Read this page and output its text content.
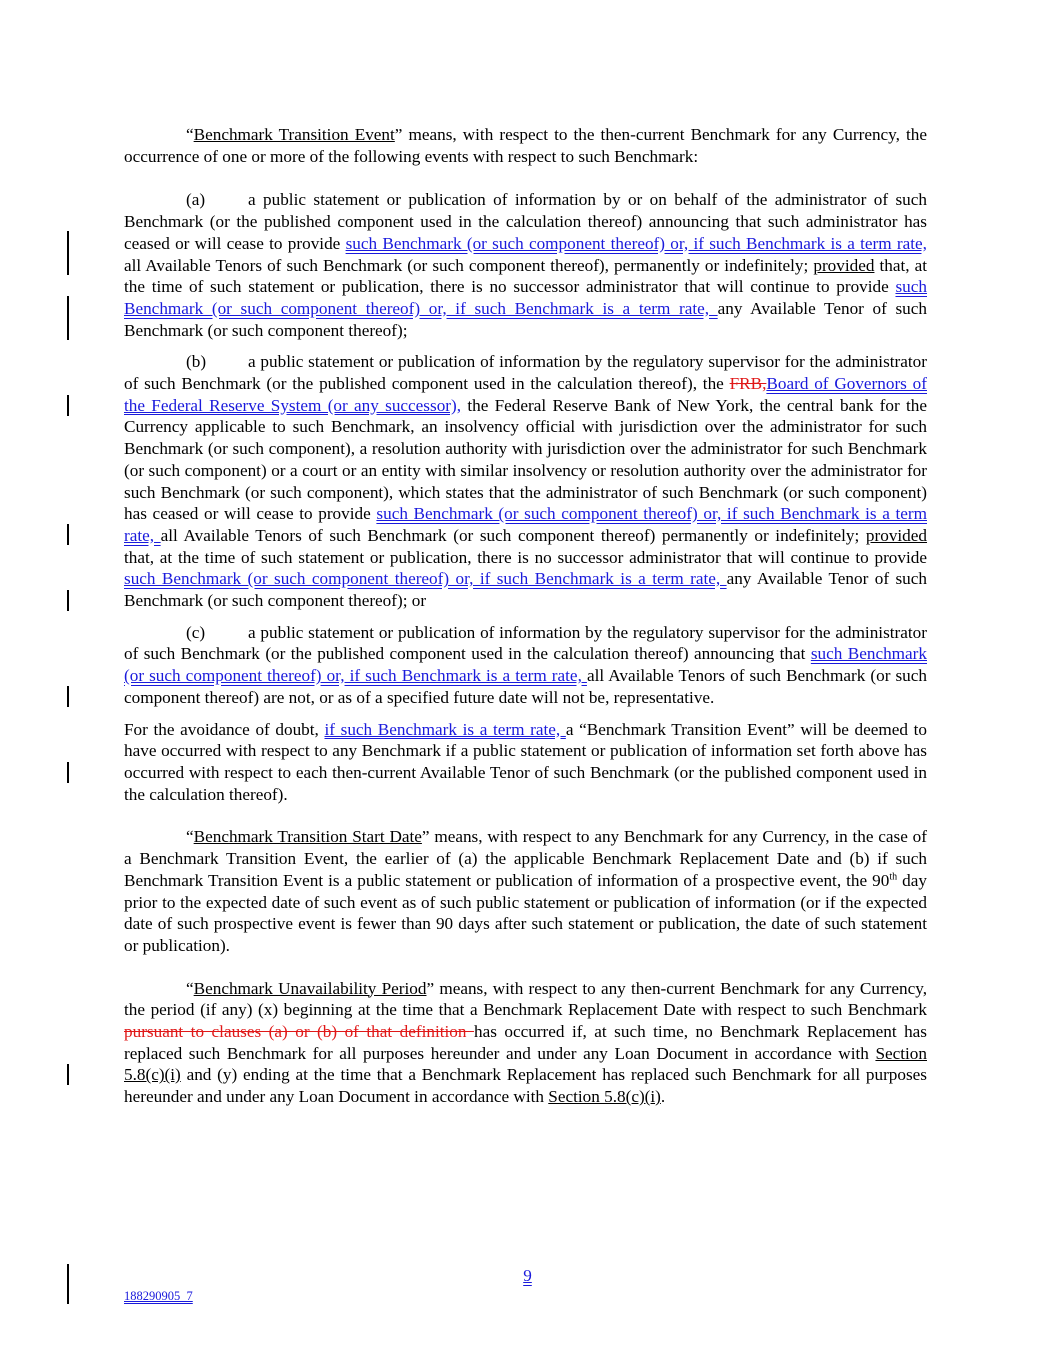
“Benchmark Transition Event” means, with respect to the then-current Benchmark for any Currency, the occurrence of one or more of the following events with respect to such Benchmark:

(a) a public statement or publication of information by or on behalf of the administrator of such Benchmark (or the published component used in the calculation thereof) announcing that such administrator has ceased or will cease to provide such Benchmark (or such component thereof) or, if such Benchmark is a term rate, all Available Tenors of such Benchmark (or such component thereof), permanently or indefinitely; provided that, at the time of such statement or publication, there is no successor administrator that will continue to provide such Benchmark (or such component thereof) or, if such Benchmark is a term rate, any Available Tenor of such Benchmark (or such component thereof);

(b) a public statement or publication of information by the regulatory supervisor for the administrator of such Benchmark (or the published component used in the calculation thereof), the FRB,Board of Governors of the Federal Reserve System (or any successor), the Federal Reserve Bank of New York, the central bank for the Currency applicable to such Benchmark, an insolvency official with jurisdiction over the administrator for such Benchmark (or such component), a resolution authority with jurisdiction over the administrator for such Benchmark (or such component) or a court or an entity with similar insolvency or resolution authority over the administrator for such Benchmark (or such component), which states that the administrator of such Benchmark (or such component) has ceased or will cease to provide such Benchmark (or such component thereof) or, if such Benchmark is a term rate, all Available Tenors of such Benchmark (or such component thereof) permanently or indefinitely; provided that, at the time of such statement or publication, there is no successor administrator that will continue to provide such Benchmark (or such component thereof) or, if such Benchmark is a term rate, any Available Tenor of such Benchmark (or such component thereof); or

(c) a public statement or publication of information by the regulatory supervisor for the administrator of such Benchmark (or the published component used in the calculation thereof) announcing that such Benchmark (or such component thereof) or, if such Benchmark is a term rate, all Available Tenors of such Benchmark (or such component thereof) are not, or as of a specified future date will not be, representative.

For the avoidance of doubt, if such Benchmark is a term rate, a “Benchmark Transition Event” will be deemed to have occurred with respect to any Benchmark if a public statement or publication of information set forth above has occurred with respect to each then-current Available Tenor of such Benchmark (or the published component used in the calculation thereof).

“Benchmark Transition Start Date” means, with respect to any Benchmark for any Currency, in the case of a Benchmark Transition Event, the earlier of (a) the applicable Benchmark Replacement Date and (b) if such Benchmark Transition Event is a public statement or publication of information of a prospective event, the 90th day prior to the expected date of such event as of such public statement or publication of information (or if the expected date of such prospective event is fewer than 90 days after such statement or publication, the date of such statement or publication).

“Benchmark Unavailability Period” means, with respect to any then-current Benchmark for any Currency, the period (if any) (x) beginning at the time that a Benchmark Replacement Date with respect to such Benchmark pursuant to clauses (a) or (b) of that definition has occurred if, at such time, no Benchmark Replacement has replaced such Benchmark for all purposes hereunder and under any Loan Document in accordance with Section 5.8(c)(i) and (y) ending at the time that a Benchmark Replacement has replaced such Benchmark for all purposes hereunder and under any Loan Document in accordance with Section 5.8(c)(i).

9
188290905_7
